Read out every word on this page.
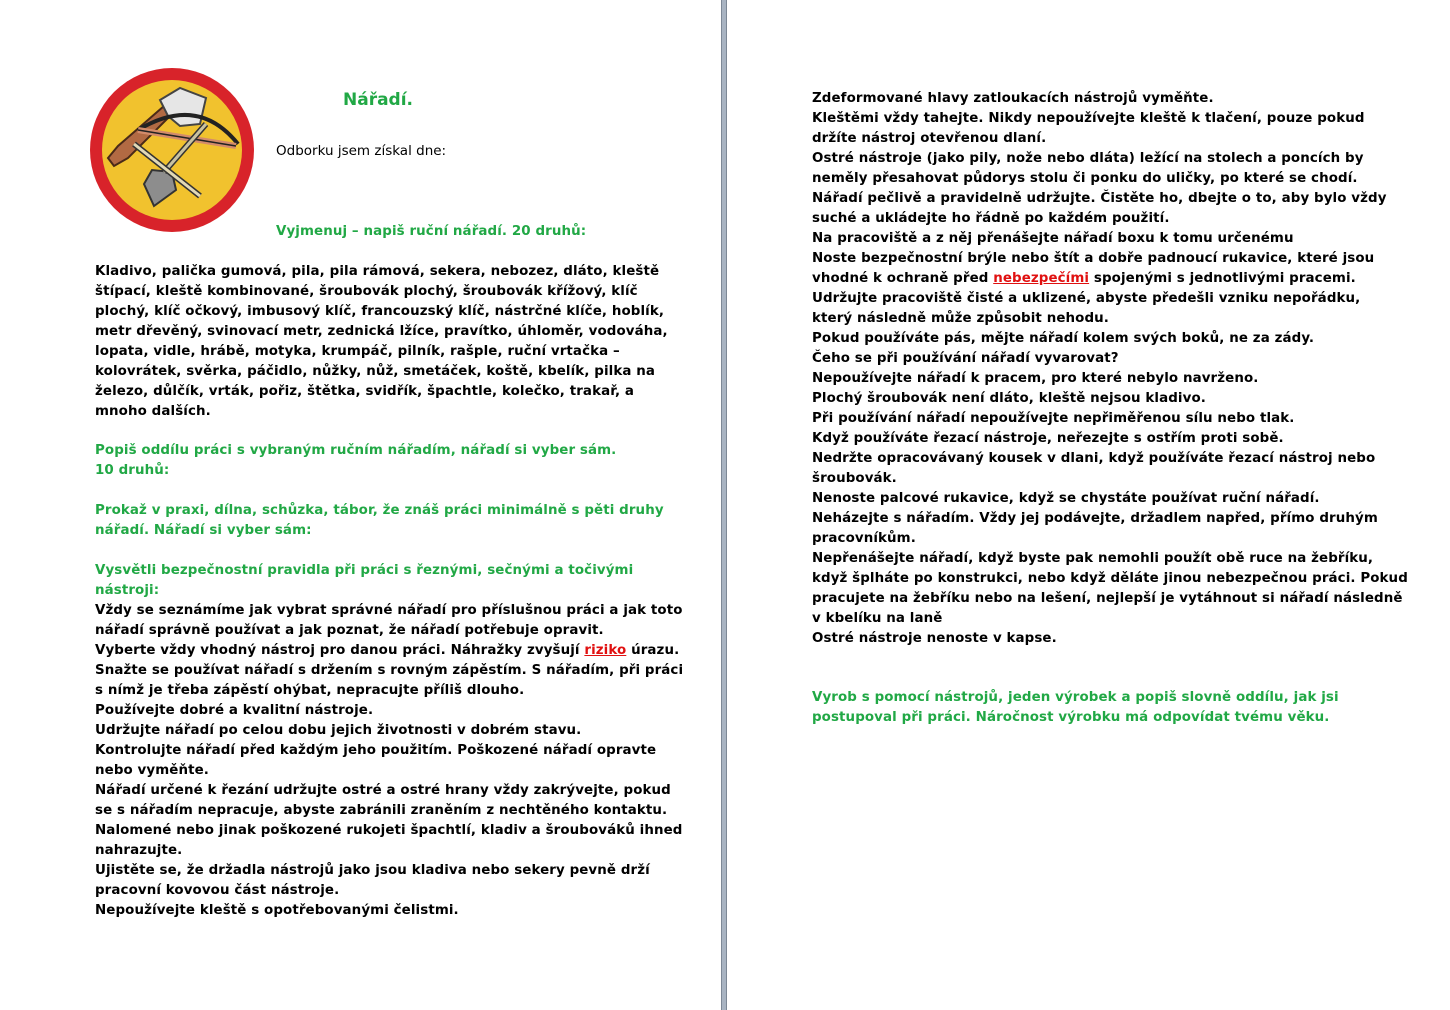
Nářadí.
Odborku jsem získal dne:
Vyjmenuj – napiš ruční nářadí. 20 druhů:
Kladivo, palička gumová, pila, pila rámová, sekera, nebozez, dláto, kleště
štípací, kleště kombinované, šroubovák plochý, šroubovák křížový, klíč
plochý, klíč očkový, imbusový klíč, francouzský klíč, nástrčné klíče, hoblík,
metr dřevěný, svinovací metr, zednická lžíce, pravítko, úhloměr, vodováha,
lopata, vidle, hrábě, motyka, krumpáč, pilník, rašple, ruční vrtačka –
kolovrátek, svěrka, páčidlo, nůžky, nůž, smetáček, koště, kbelík, pilka na
železo, důlčík, vrták, pořiz, štětka, svidřík, špachtle, kolečko, trakař, a
mnoho dalších.
Popiš oddílu práci s vybraným ručním nářadím, nářadí si vyber sám.
10 druhů:
Prokaž v praxi, dílna, schůzka, tábor, že znáš práci minimálně s pěti druhy
nářadí. Nářadí si vyber sám:
Vysvětli bezpečnostní pravidla při práci s řeznými, sečnými a točivými
nástroji:
Vždy se seznámíme jak vybrat správné nářadí pro příslušnou práci a jak toto
nářadí správně používat a jak poznat, že nářadí potřebuje opravit.
Vyberte vždy vhodný nástroj pro danou práci. Náhražky zvyšují riziko úrazu.
Snažte se používat nářadí s držením s rovným zápěstím. S nářadím, při práci
s nímž je třeba zápěstí ohýbat, nepracujte příliš dlouho.
Používejte dobré a kvalitní nástroje.
Udržujte nářadí po celou dobu jejich životnosti v dobrém stavu.
Kontrolujte nářadí před každým jeho použitím. Poškozené nářadí opravte
nebo vyměňte.
Nářadí určené k řezání udržujte ostré a ostré hrany vždy zakrývejte, pokud
se s nářadím nepracuje, abyste zabránili zraněním z nechtěného kontaktu.
Nalomené nebo jinak poškozené rukojeti špachtlí, kladiv a šroubováků ihned
nahrazujte.
Ujistěte se, že držadla nástrojů jako jsou kladiva nebo sekery pevně drží
pracovní kovovou část nástroje.
Nepoužívejte kleště s opotřebovanými čelistmi.
Zdeformované hlavy zatloukacích nástrojů vyměňte.
Kleštěmi vždy tahejte. Nikdy nepoužívejte kleště k tlačení, pouze pokud
držíte nástroj otevřenou dlaní.
Ostré nástroje (jako pily, nože nebo dláta) ležící na stolech a poncích by
neměly přesahovat půdorys stolu či ponku do uličky, po které se chodí.
Nářadí pečlivě a pravidelně udržujte. Čistěte ho, dbejte o to, aby bylo vždy
suché a ukládejte ho řádně po každém použití.
Na pracoviště a z něj přenášejte nářadí boxu k tomu určenému
Noste bezpečnostní brýle nebo štít a dobře padnoucí rukavice, které jsou
vhodné k ochraně před nebezpečími spojenými s jednotlivými pracemi.
Udržujte pracoviště čisté a uklizené, abyste předešli vzniku nepořádku,
který následně může způsobit nehodu.
Pokud používáte pás, mějte nářadí kolem svých boků, ne za zády.
Čeho se při používání nářadí vyvarovat?
Nepoužívejte nářadí k pracem, pro které nebylo navrženo.
Plochý šroubovák není dláto, kleště nejsou kladivo.
Při používání nářadí nepoužívejte nepřiměřenou sílu nebo tlak.
Když používáte řezací nástroje, neřezejte s ostřím proti sobě.
Nedržte opracovávaný kousek v dlani, když používáte řezací nástroj nebo
šroubovák.
Nenoste palcové rukavice, když se chystáte používat ruční nářadí.
Neházejte s nářadím. Vždy jej podávejte, držadlem napřed, přímo druhým
pracovníkům.
Nepřenášejte nářadí, když byste pak nemohli použít obě ruce na žebříku,
když šplháte po konstrukci, nebo když děláte jinou nebezpečnou práci. Pokud
pracujete na žebříku nebo na lešení, nejlepší je vytáhnout si nářadí následně
v kbelíku na laně
Ostré nástroje nenoste v kapse.
Vyrob s pomocí nástrojů, jeden výrobek a popiš slovně oddílu, jak jsi
postupoval při práci. Náročnost výrobku má odpovídat tvému věku.
